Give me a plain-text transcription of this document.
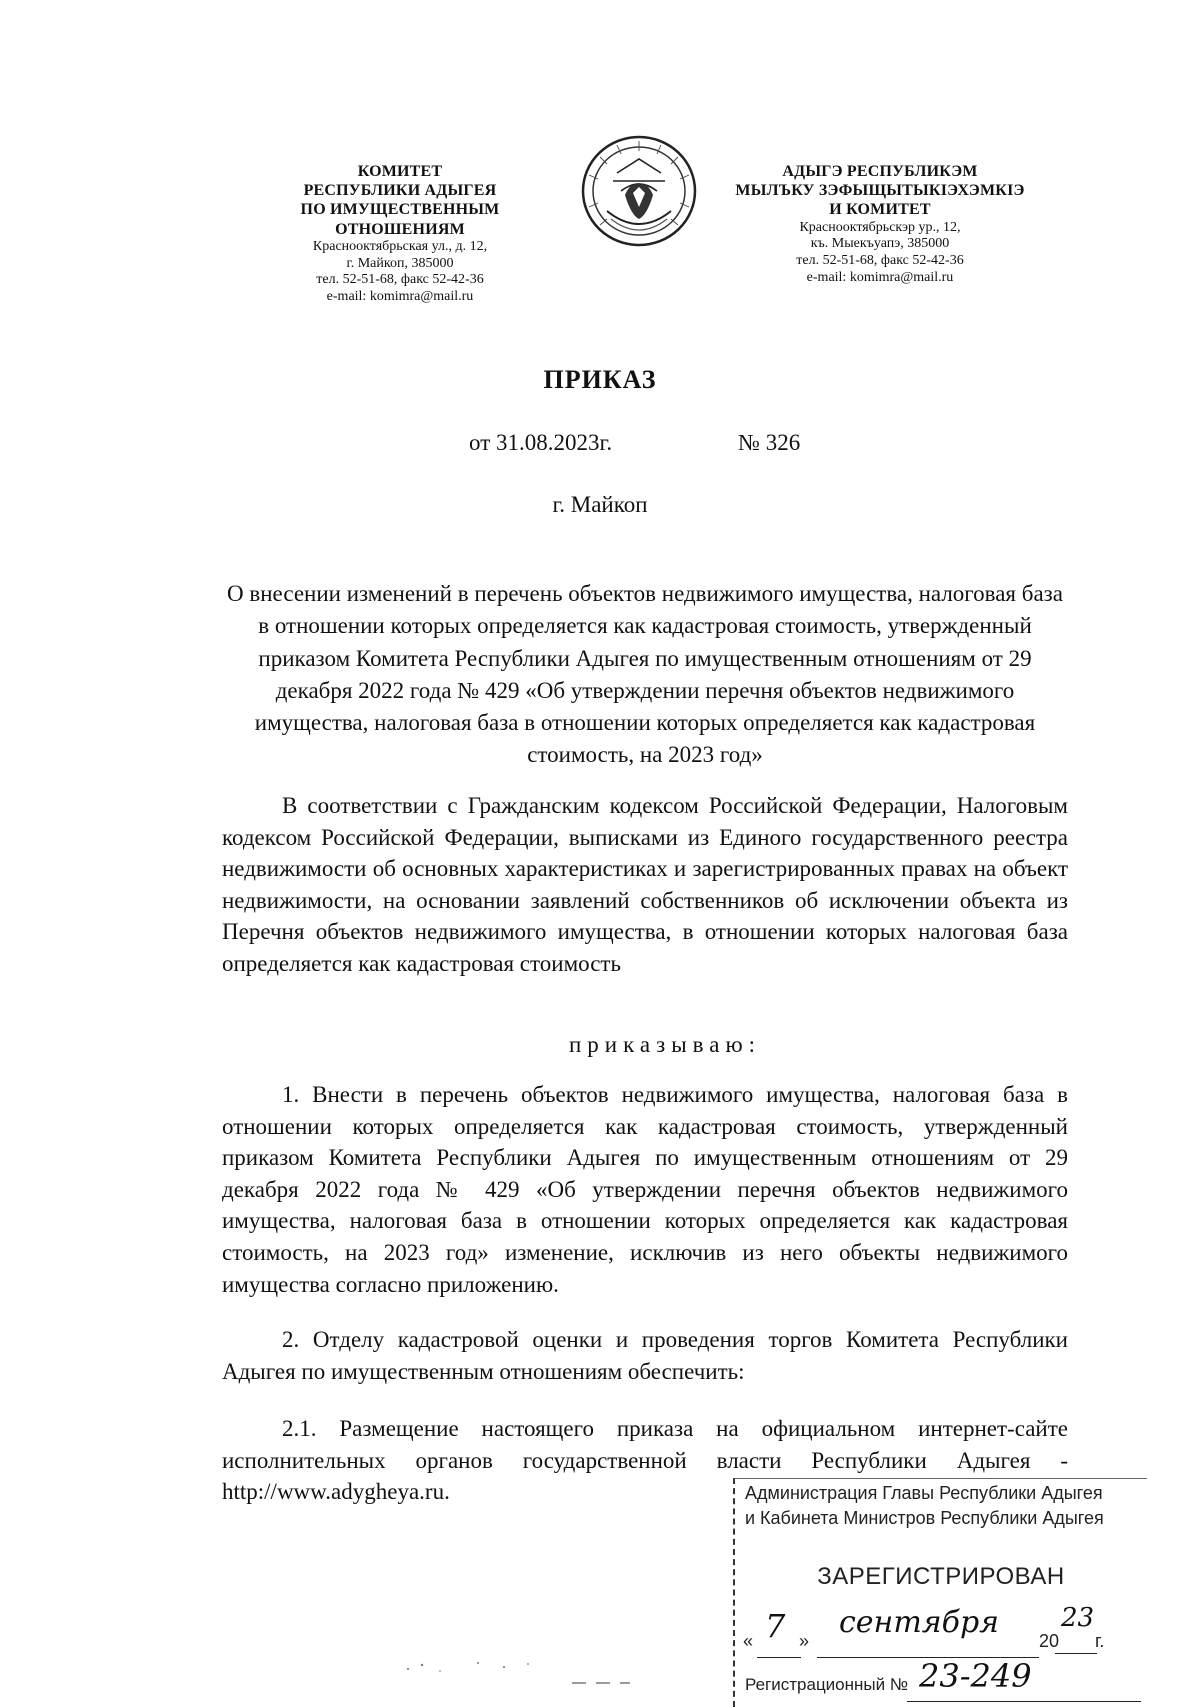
КОМИТЕТ
РЕСПУБЛИКИ АДЫГЕЯ
ПО ИМУЩЕСТВЕННЫМ ОТНОШЕНИЯМ
Краснооктябрьская ул., д. 12,
г. Майкоп, 385000
тел. 52-51-68, факс 52-42-36
e-mail: komimra@mail.ru
АДЫГЭ РЕСПУБЛИКЭМ
МЫЛЪКУ ЗЭФЫЩЫТЫКIЭХЭМКIЭ
И КОМИТЕТ
Краснооктябрьскэр ур., 12,
къ. Мыекъуапэ, 385000
тел. 52-51-68, факс 52-42-36
e-mail: komimra@mail.ru
ПРИКАЗ
от 31.08.2023г.	№ 326
г. Майкоп
О внесении изменений в перечень объектов недвижимого имущества, налоговая база в отношении которых определяется как кадастровая стоимость, утвержденный приказом Комитета Республики Адыгея по имущественным отношениям от 29 декабря 2022 года № 429 «Об утверждении перечня объектов недвижимого имущества, налоговая база в отношении которых определяется как кадастровая стоимость, на 2023 год»
В соответствии с Гражданским кодексом Российской Федерации, Налоговым кодексом Российской Федерации, выписками из Единого государственного реестра недвижимости об основных характеристиках и зарегистрированных правах на объект недвижимости, на основании заявлений собственников об исключении объекта из Перечня объектов недвижимого имущества, в отношении которых налоговая база определяется как кадастровая стоимость
приказываю:
1. Внести в перечень объектов недвижимого имущества, налоговая база в отношении которых определяется как кадастровая стоимость, утвержденный приказом Комитета Республики Адыгея по имущественным отношениям от 29 декабря 2022 года № 429 «Об утверждении перечня объектов недвижимого имущества, налоговая база в отношении которых определяется как кадастровая стоимость, на 2023 год» изменение, исключив из него объекты недвижимого имущества согласно приложению.
2. Отделу кадастровой оценки и проведения торгов Комитета Республики Адыгея по имущественным отношениям обеспечить:
2.1. Размещение настоящего приказа на официальном интернет-сайте исполнительных органов государственной власти Республики Адыгея - http://www.adygheya.ru.	Администрация Главы Республики Адыгея
и Кабинета Министров Республики Адыгея
ЗАРЕГИСТРИРОВАН
« 7 »
сентября
20
23
г.
Регистрационный № 23-249
